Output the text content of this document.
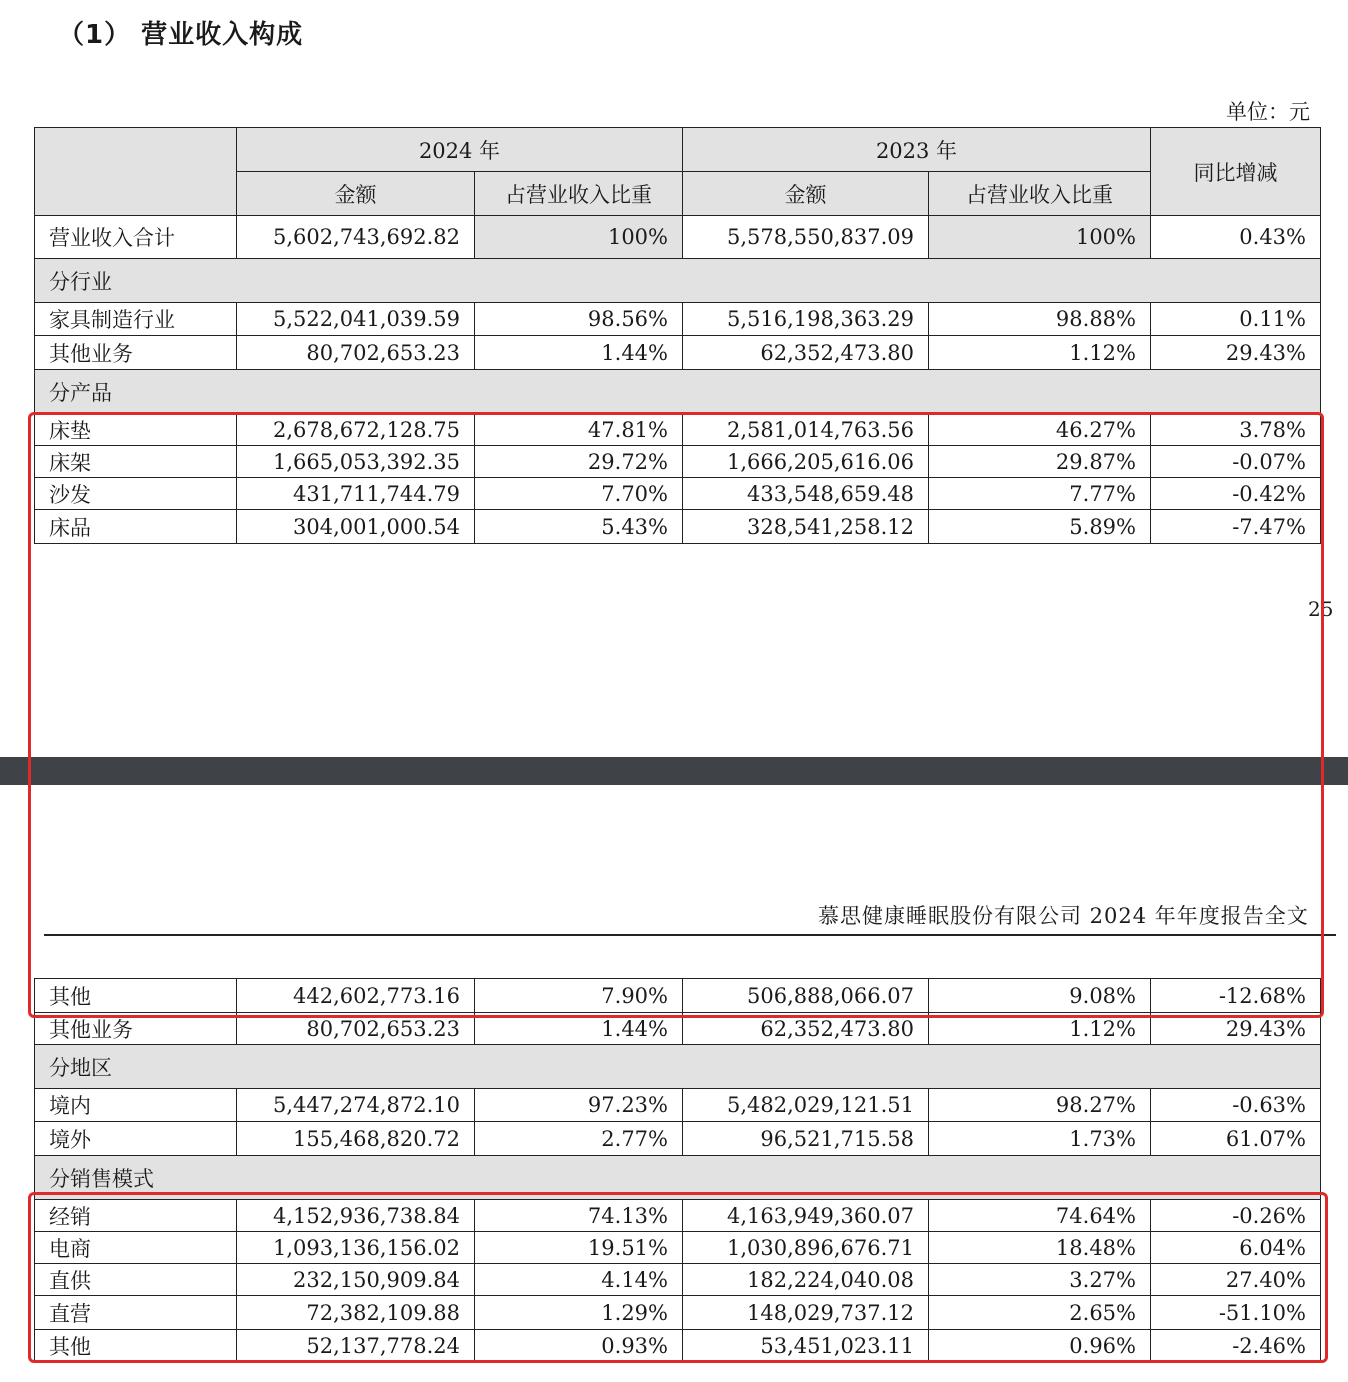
（1） 营业收入构成
单位：元
	2024 年		2023 年		同比增减
	金额	占营业收入比重	金额	占营业收入比重	
营业收入合计	5,602,743,692.82	100%	5,578,550,837.09	100%	0.43%
分行业					
家具制造行业	5,522,041,039.59	98.56%	5,516,198,363.29	98.88%	0.11%
其他业务	80,702,653.23	1.44%	62,352,473.80	1.12%	29.43%
分产品					
床垫	2,678,672,128.75	47.81%	2,581,014,763.56	46.27%	3.78%
床架	1,665,053,392.35	29.72%	1,666,205,616.06	29.87%	-0.07%
沙发	431,711,744.79	7.70%	433,548,659.48	7.77%	-0.42%
床品	304,001,000.54	5.43%	328,541,258.12	5.89%	-7.47%
25
慕思健康睡眠股份有限公司 2024 年年度报告全文
其他	442,602,773.16	7.90%	506,888,066.07	9.08%	-12.68%
其他业务	80,702,653.23	1.44%	62,352,473.80	1.12%	29.43%
分地区					
境内	5,447,274,872.10	97.23%	5,482,029,121.51	98.27%	-0.63%
境外	155,468,820.72	2.77%	96,521,715.58	1.73%	61.07%
分销售模式					
经销	4,152,936,738.84	74.13%	4,163,949,360.07	74.64%	-0.26%
电商	1,093,136,156.02	19.51%	1,030,896,676.71	18.48%	6.04%
直供	232,150,909.84	4.14%	182,224,040.08	3.27%	27.40%
直营	72,382,109.88	1.29%	148,029,737.12	2.65%	-51.10%
其他	52,137,778.24	0.93%	53,451,023.11	0.96%	-2.46%
